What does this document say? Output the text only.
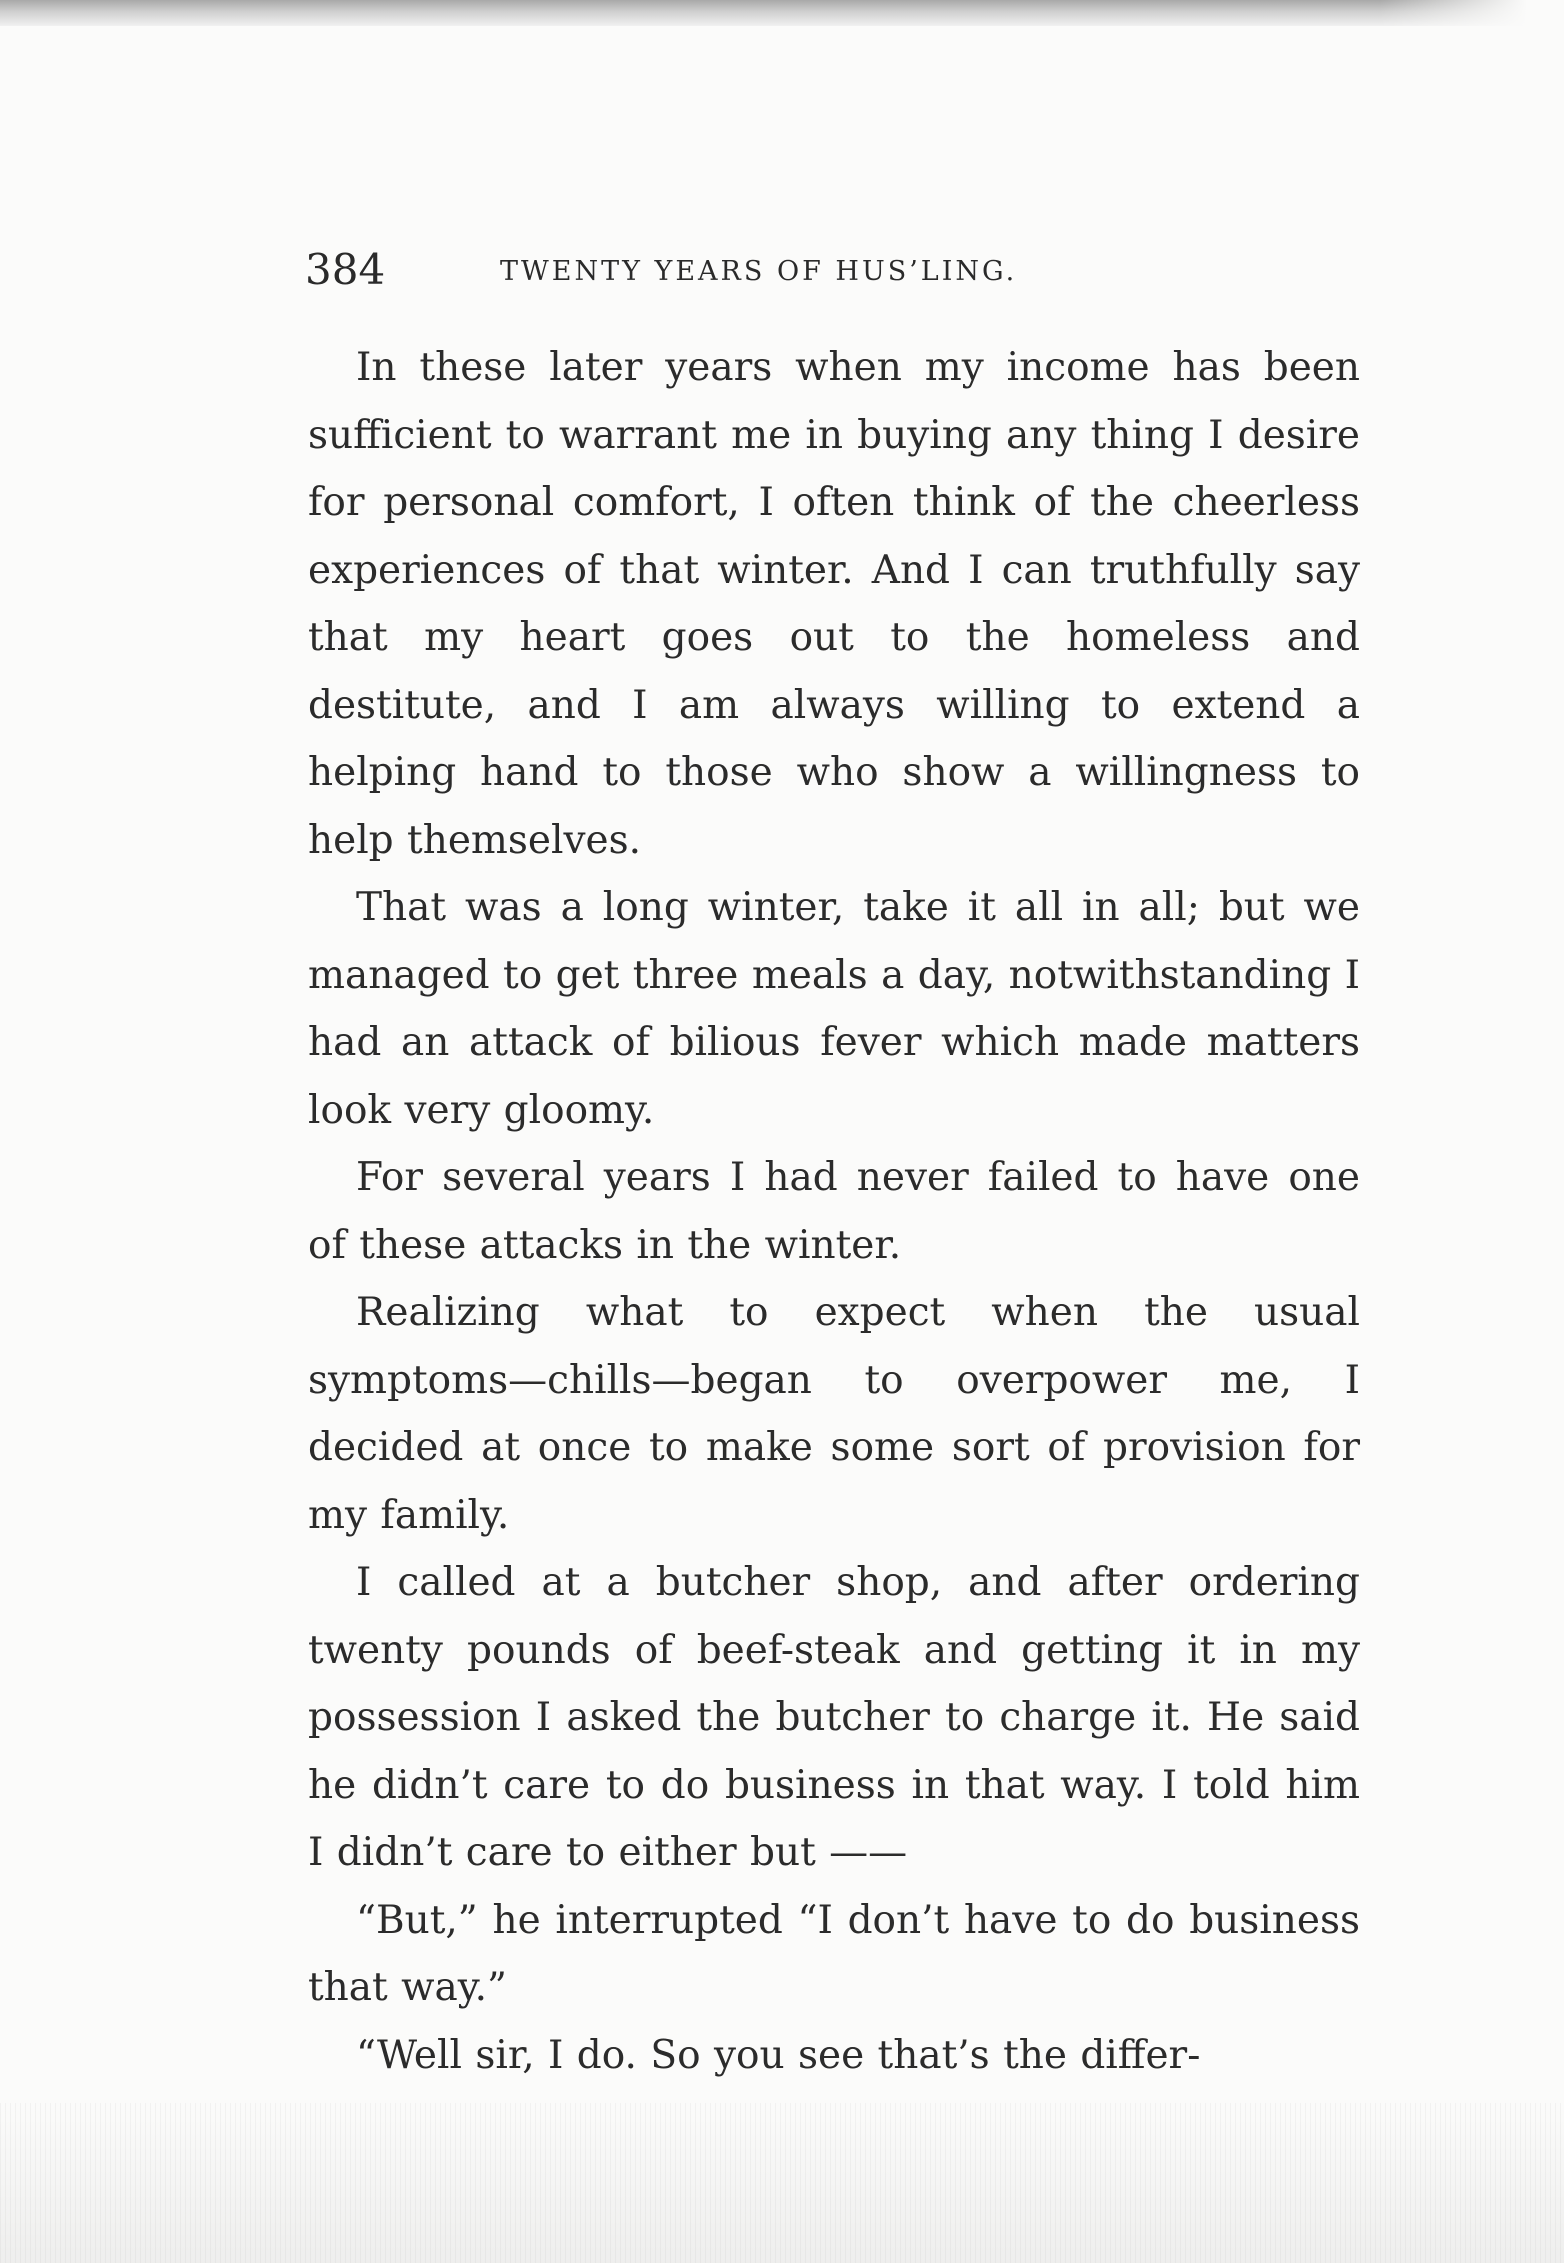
384	TWENTY YEARS OF HUS’LING.

In these later years when my income has been sufficient to warrant me in buying any thing I desire for personal comfort, I often think of the cheerless experiences of that winter. And I can truthfully say that my heart goes out to the homeless and destitute, and I am always willing to extend a helping hand to those who show a willingness to help themselves.

That was a long winter, take it all in all; but we managed to get three meals a day, notwithstanding I had an attack of bilious fever which made matters look very gloomy.

For several years I had never failed to have one of these attacks in the winter.

Realizing what to expect when the usual symptoms—chills—began to overpower me, I decided at once to make some sort of provision for my family.

I called at a butcher shop, and after ordering twenty pounds of beef-steak and getting it in my possession I asked the butcher to charge it. He said he didn’t care to do business in that way. I told him I didn’t care to either but ——

“But,” he interrupted “I don’t have to do business that way.”

“Well sir, I do. So you see that’s the differ-
